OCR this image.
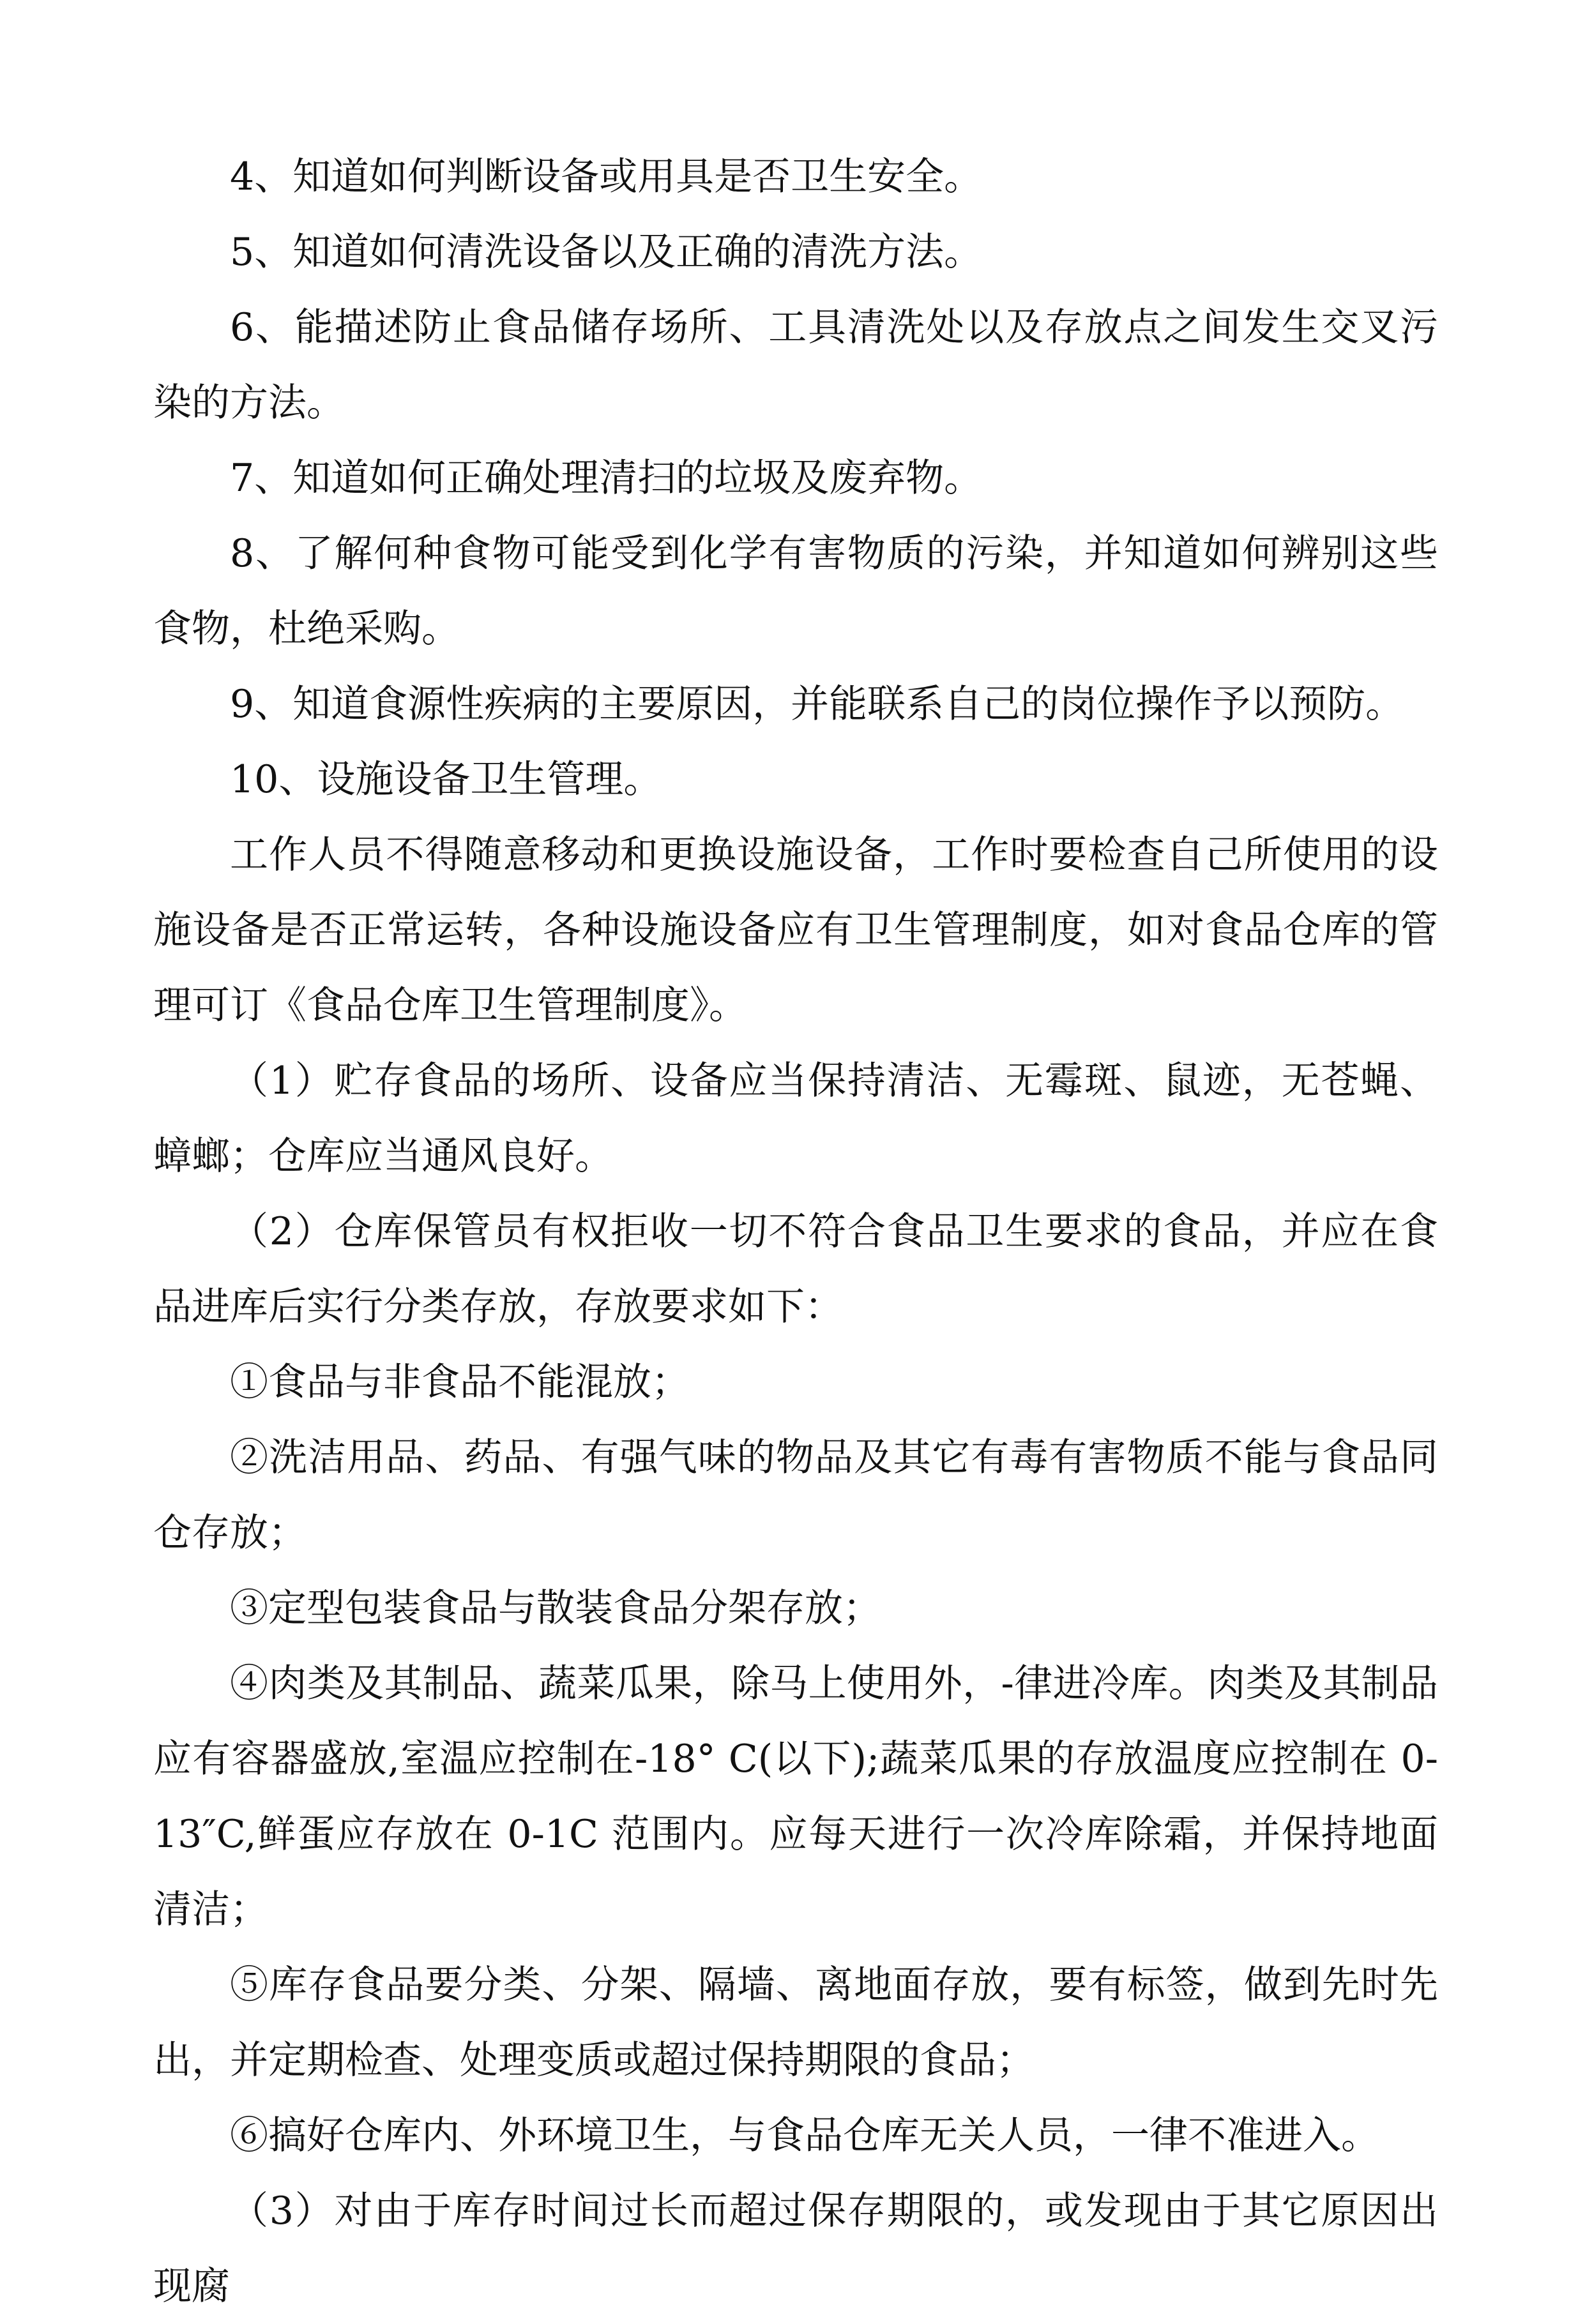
4、知道如何判断设备或用具是否卫生安全。

5、知道如何清洗设备以及正确的清洗方法。

6、能描述防止食品储存场所、工具清洗处以及存放点之间发生交叉污染的方法。

7、知道如何正确处理清扫的垃圾及废弃物。

8、了解何种食物可能受到化学有害物质的污染，并知道如何辨别这些食物，杜绝采购。

9、知道食源性疾病的主要原因，并能联系自己的岗位操作予以预防。

10、设施设备卫生管理。

工作人员不得随意移动和更换设施设备，工作时要检查自己所使用的设施设备是否正常运转，各种设施设备应有卫生管理制度，如对食品仓库的管理可订《食品仓库卫生管理制度》。

（1）贮存食品的场所、设备应当保持清洁、无霉斑、鼠迹，无苍蝇、蟑螂；仓库应当通风良好。

（2）仓库保管员有权拒收一切不符合食品卫生要求的食品，并应在食品进库后实行分类存放，存放要求如下：

①食品与非食品不能混放；

②洗洁用品、药品、有强气味的物品及其它有毒有害物质不能与食品同仓存放；

③定型包装食品与散装食品分架存放；

④肉类及其制品、蔬菜瓜果，除马上使用外，-律进冷库。肉类及其制品应有容器盛放,室温应控制在-18° C(以下);蔬菜瓜果的存放温度应控制在 0-13″C,鲜蛋应存放在 0-1C 范围内。应每天进行一次冷库除霜，并保持地面清洁；

⑤库存食品要分类、分架、隔墙、离地面存放，要有标签，做到先时先出，并定期检查、处理变质或超过保持期限的食品；

⑥搞好仓库内、外环境卫生，与食品仓库无关人员，一律不准进入。

（3）对由于库存时间过长而超过保存期限的，或发现由于其它原因出现腐
